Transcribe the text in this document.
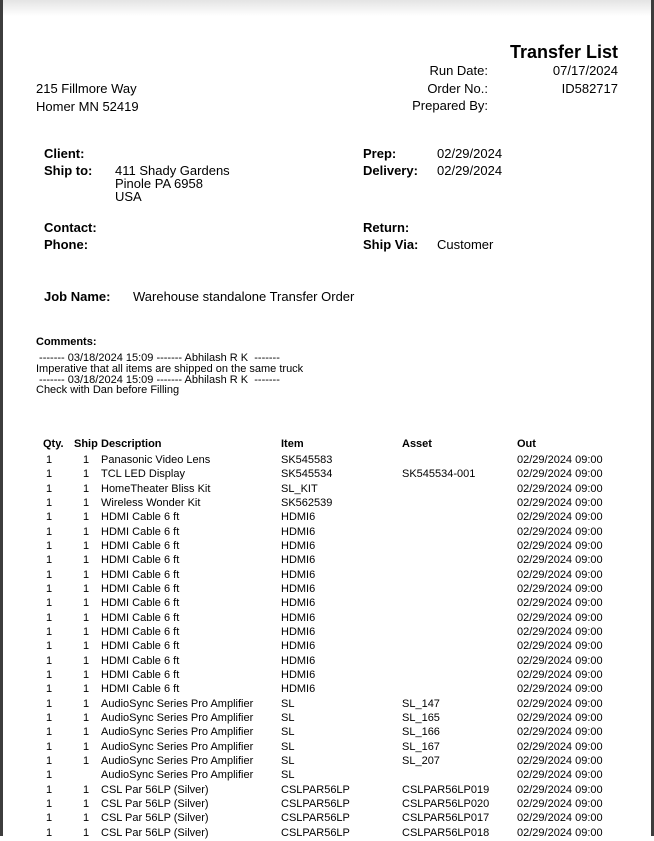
Transfer List
Run Date:	07/17/2024
Order No.:	ID582717
Prepared By:
215 Fillmore Way
Homer MN 52419
Client:
Ship to: 411 Shady Gardens
Pinole PA 6958
USA
Contact:
Phone:
Prep:	02/29/2024
Delivery: 02/29/2024
Return:
Ship Via: Customer
Job Name: Warehouse standalone Transfer Order
Comments:
------- 03/18/2024 15:09 ------- Abhilash R K  -------
Imperative that all items are shipped on the same truck
------- 03/18/2024 15:09 ------- Abhilash R K  -------
Check with Dan before Filling
Qty.	Ship	Description	Item	Asset	Out
1	1	Panasonic Video Lens	SK545583		02/29/2024 09:00
1	1	TCL LED Display	SK545534	SK545534-001	02/29/2024 09:00
1	1	HomeTheater Bliss Kit	SL_KIT		02/29/2024 09:00
1	1	Wireless Wonder Kit	SK562539		02/29/2024 09:00
1	1	HDMI Cable 6 ft	HDMI6		02/29/2024 09:00
1	1	HDMI Cable 6 ft	HDMI6		02/29/2024 09:00
1	1	HDMI Cable 6 ft	HDMI6		02/29/2024 09:00
1	1	HDMI Cable 6 ft	HDMI6		02/29/2024 09:00
1	1	HDMI Cable 6 ft	HDMI6		02/29/2024 09:00
1	1	HDMI Cable 6 ft	HDMI6		02/29/2024 09:00
1	1	HDMI Cable 6 ft	HDMI6		02/29/2024 09:00
1	1	HDMI Cable 6 ft	HDMI6		02/29/2024 09:00
1	1	HDMI Cable 6 ft	HDMI6		02/29/2024 09:00
1	1	HDMI Cable 6 ft	HDMI6		02/29/2024 09:00
1	1	HDMI Cable 6 ft	HDMI6		02/29/2024 09:00
1	1	HDMI Cable 6 ft	HDMI6		02/29/2024 09:00
1	1	HDMI Cable 6 ft	HDMI6		02/29/2024 09:00
1	1	AudioSync Series Pro Amplifier	SL	SL_147	02/29/2024 09:00
1	1	AudioSync Series Pro Amplifier	SL	SL_165	02/29/2024 09:00
1	1	AudioSync Series Pro Amplifier	SL	SL_166	02/29/2024 09:00
1	1	AudioSync Series Pro Amplifier	SL	SL_167	02/29/2024 09:00
1	1	AudioSync Series Pro Amplifier	SL	SL_207	02/29/2024 09:00
1		AudioSync Series Pro Amplifier	SL		02/29/2024 09:00
1	1	CSL Par 56LP (Silver)	CSLPAR56LP	CSLPAR56LP019	02/29/2024 09:00
1	1	CSL Par 56LP (Silver)	CSLPAR56LP	CSLPAR56LP020	02/29/2024 09:00
1	1	CSL Par 56LP (Silver)	CSLPAR56LP	CSLPAR56LP017	02/29/2024 09:00
1	1	CSL Par 56LP (Silver)	CSLPAR56LP	CSLPAR56LP018	02/29/2024 09:00
